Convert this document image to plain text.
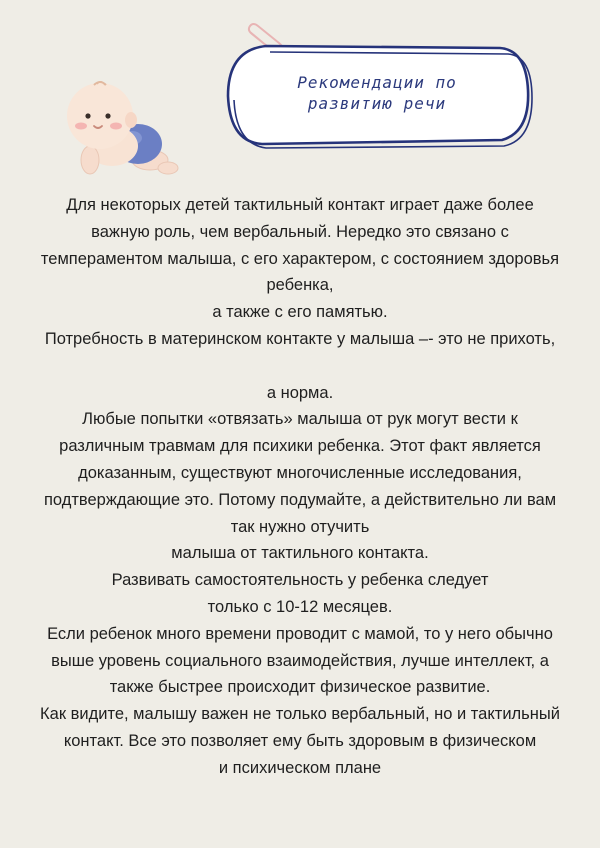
Рекомендации по
развитию речи
Для некоторых детей тактильный контакт играет даже более
важную роль, чем вербальный. Нередко это связано с
темпераментом малыша, с его характером, с состоянием здоровья
ребенка,
а также с его памятью.
Потребность в материнском контакте у малыша –- это не прихоть,
а норма.
Любые попытки «отвязать» малыша от рук могут вести к
различным травмам для психики ребенка. Этот факт является
доказанным, существуют многочисленные исследования,
подтверждающие это. Потому подумайте, а действительно ли вам
так нужно отучить
малыша от тактильного контакта.
Развивать самостоятельность у ребенка следует
только с 10-12 месяцев.
Если ребенок много времени проводит с мамой, то у него обычно
выше уровень социального взаимодействия, лучше интеллект, а
также быстрее происходит физическое развитие.
Как видите, малышу важен не только вербальный, но и тактильный
контакт. Все это позволяет ему быть здоровым в физическом
и психическом плане
